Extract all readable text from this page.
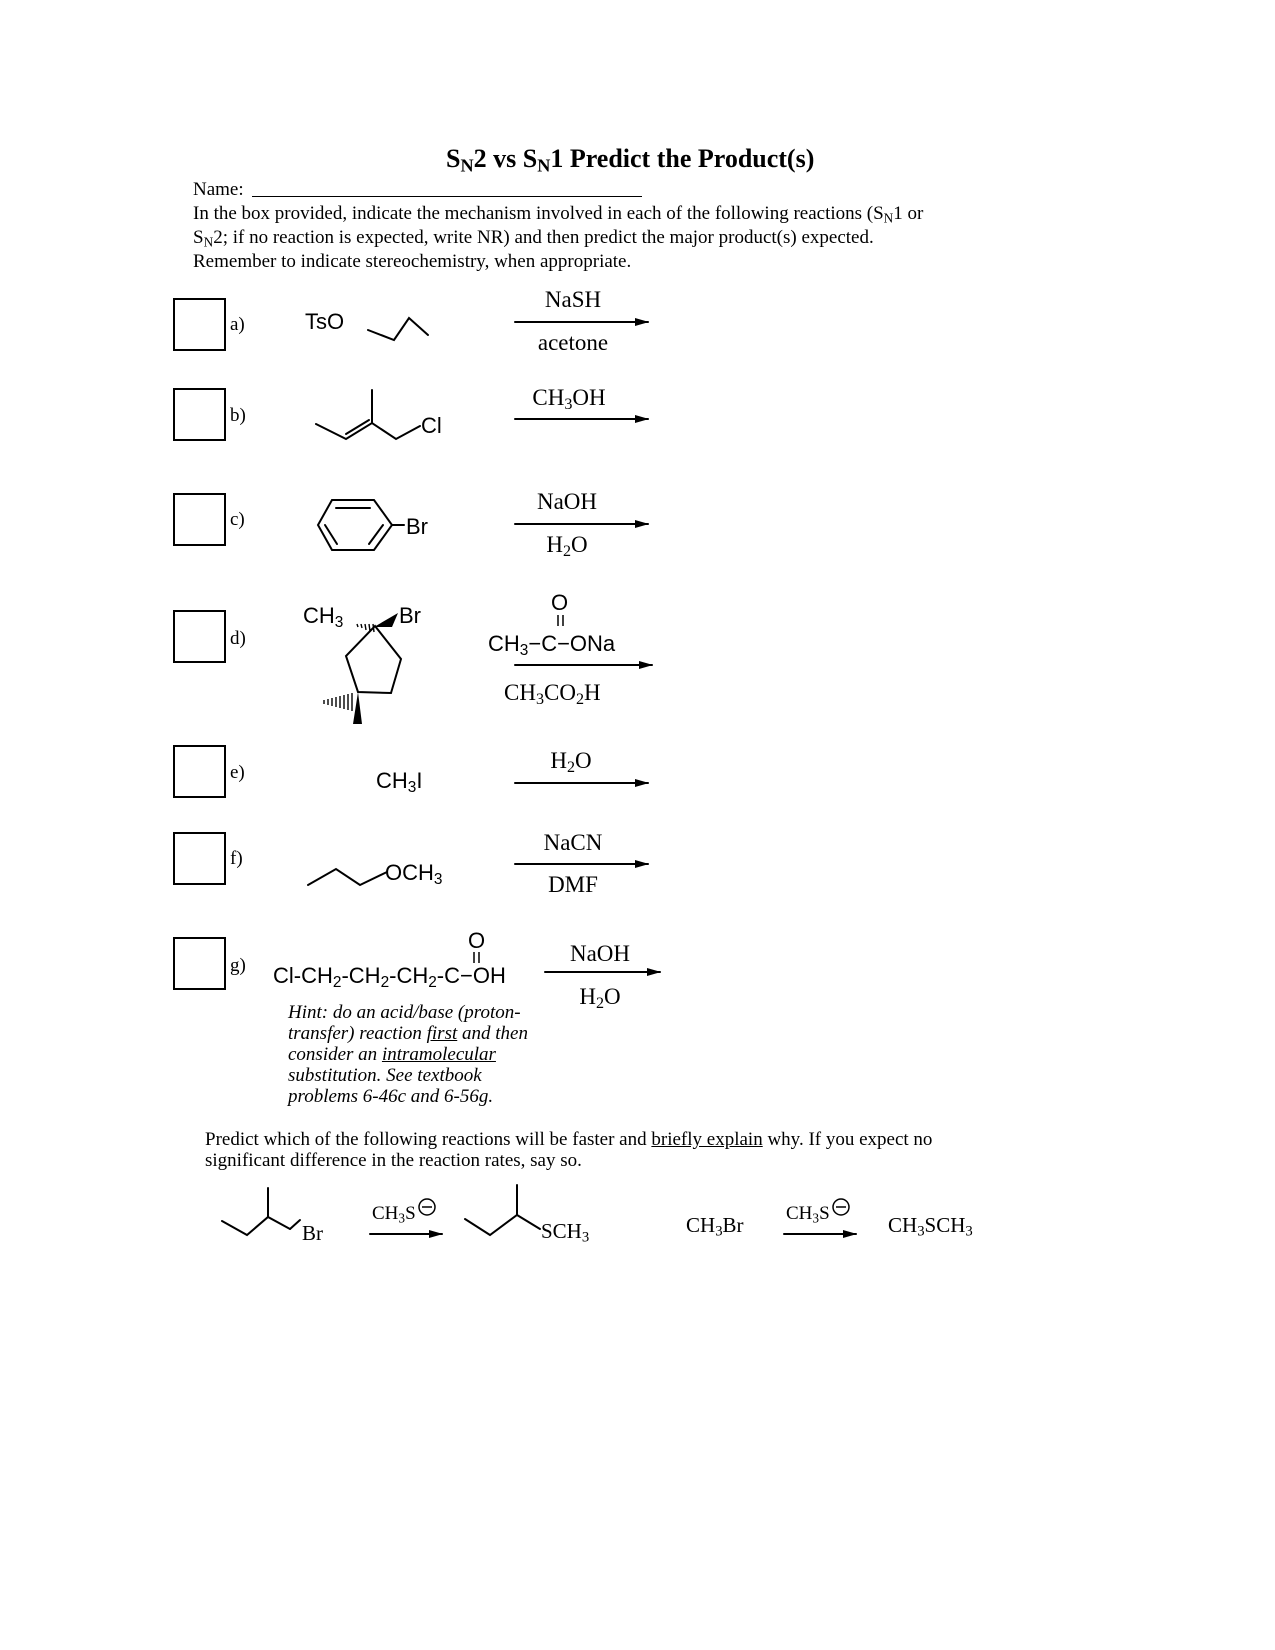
$S_N2$ vs $S_N1$ Predict the Product(s)
Name:
In the box provided, indicate the mechanism involved in each of the following reactions ($S_N1$ or
$S_N2$; if no reaction is expected, write NR) and then predict the major product(s) expected.
Remember to indicate stereochemistry, when appropriate.
a)
b)
c)
d)
e)
f)
g)
TsO
NaSH
acetone
Cl
$CH_3OH$
Br
NaOH
$H_2O$
$CH_3$	Br
O
$CH_3-C-ONa$
$CH_3CO_2H$
$CH_3I$
$H_2O$
$OCH_3$
NaCN
DMF
O
$Cl-CH_2-CH_2-CH_2-C-OH$
NaOH
$H_2O$
Hint: do an acid/base (proton-
transfer) reaction first and then
consider an intramolecular
substitution. See textbook
problems 6-46c and 6-56g.
Predict which of the following reactions will be faster and briefly explain why. If you expect no
significant difference in the reaction rates, say so.
Br
$CH_3S$
$SCH_3$
$CH_3Br$ $CH_3S$	$CH_3SCH_3$
